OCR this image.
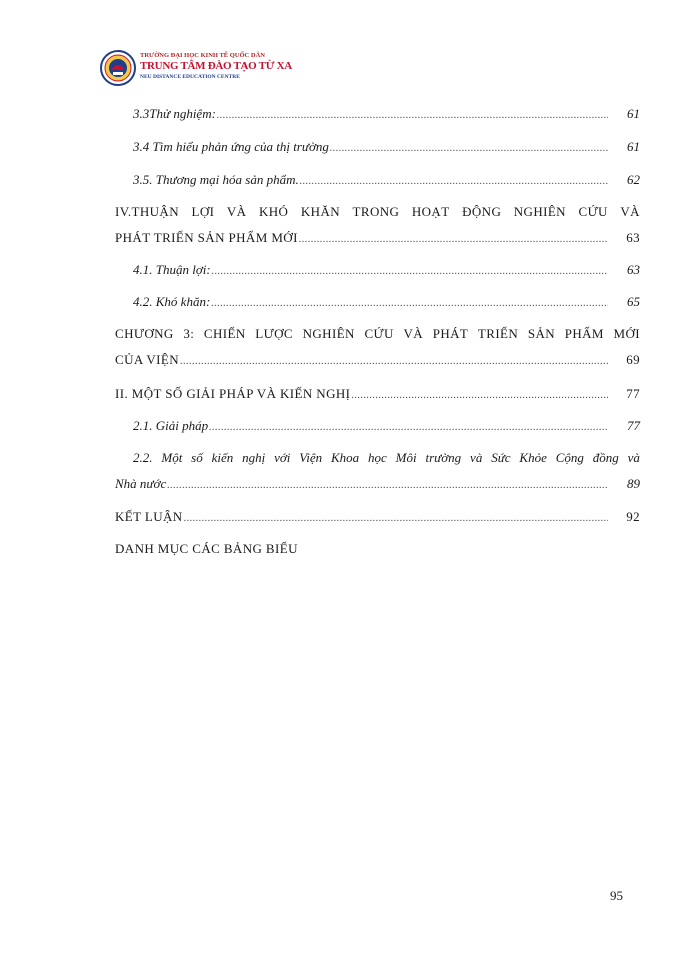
TRƯỜNG ĐẠI HỌC KINH TẾ QUỐC DÂN
TRUNG TÂM ĐÀO TẠO TỪ XA
NEU DISTANCE EDUCATION CENTRE
3.3Thử nghiệm: .....	61
3.4 Tìm hiểu phản ứng của thị trường .....	61
3.5. Thương mại hóa sản phẩm. .....	62
IV.THUẬN LỢI VÀ KHÓ KHĂN TRONG HOẠT ĐỘNG NGHIÊN CỨU VÀ
PHÁT TRIỂN SẢN PHẨM MỚI .....	63
4.1. Thuận lợi: .....	63
4.2. Khó khăn: .....	65
CHƯƠNG 3: CHIẾN LƯỢC NGHIÊN CỨU VÀ PHÁT TRIỂN SẢN PHẨM MỚI
CỦA VIỆN .....	69
II. MỘT SỐ GIẢI PHÁP VÀ KIẾN NGHỊ .....	77
2.1. Giải pháp .....	77
2.2. Một số kiến nghị với Viện Khoa học Môi trường và Sức Khỏe Cộng đồng và
Nhà nước .....	89
KẾT LUẬN .....	92
DANH MỤC CÁC BẢNG BIỂU
95
